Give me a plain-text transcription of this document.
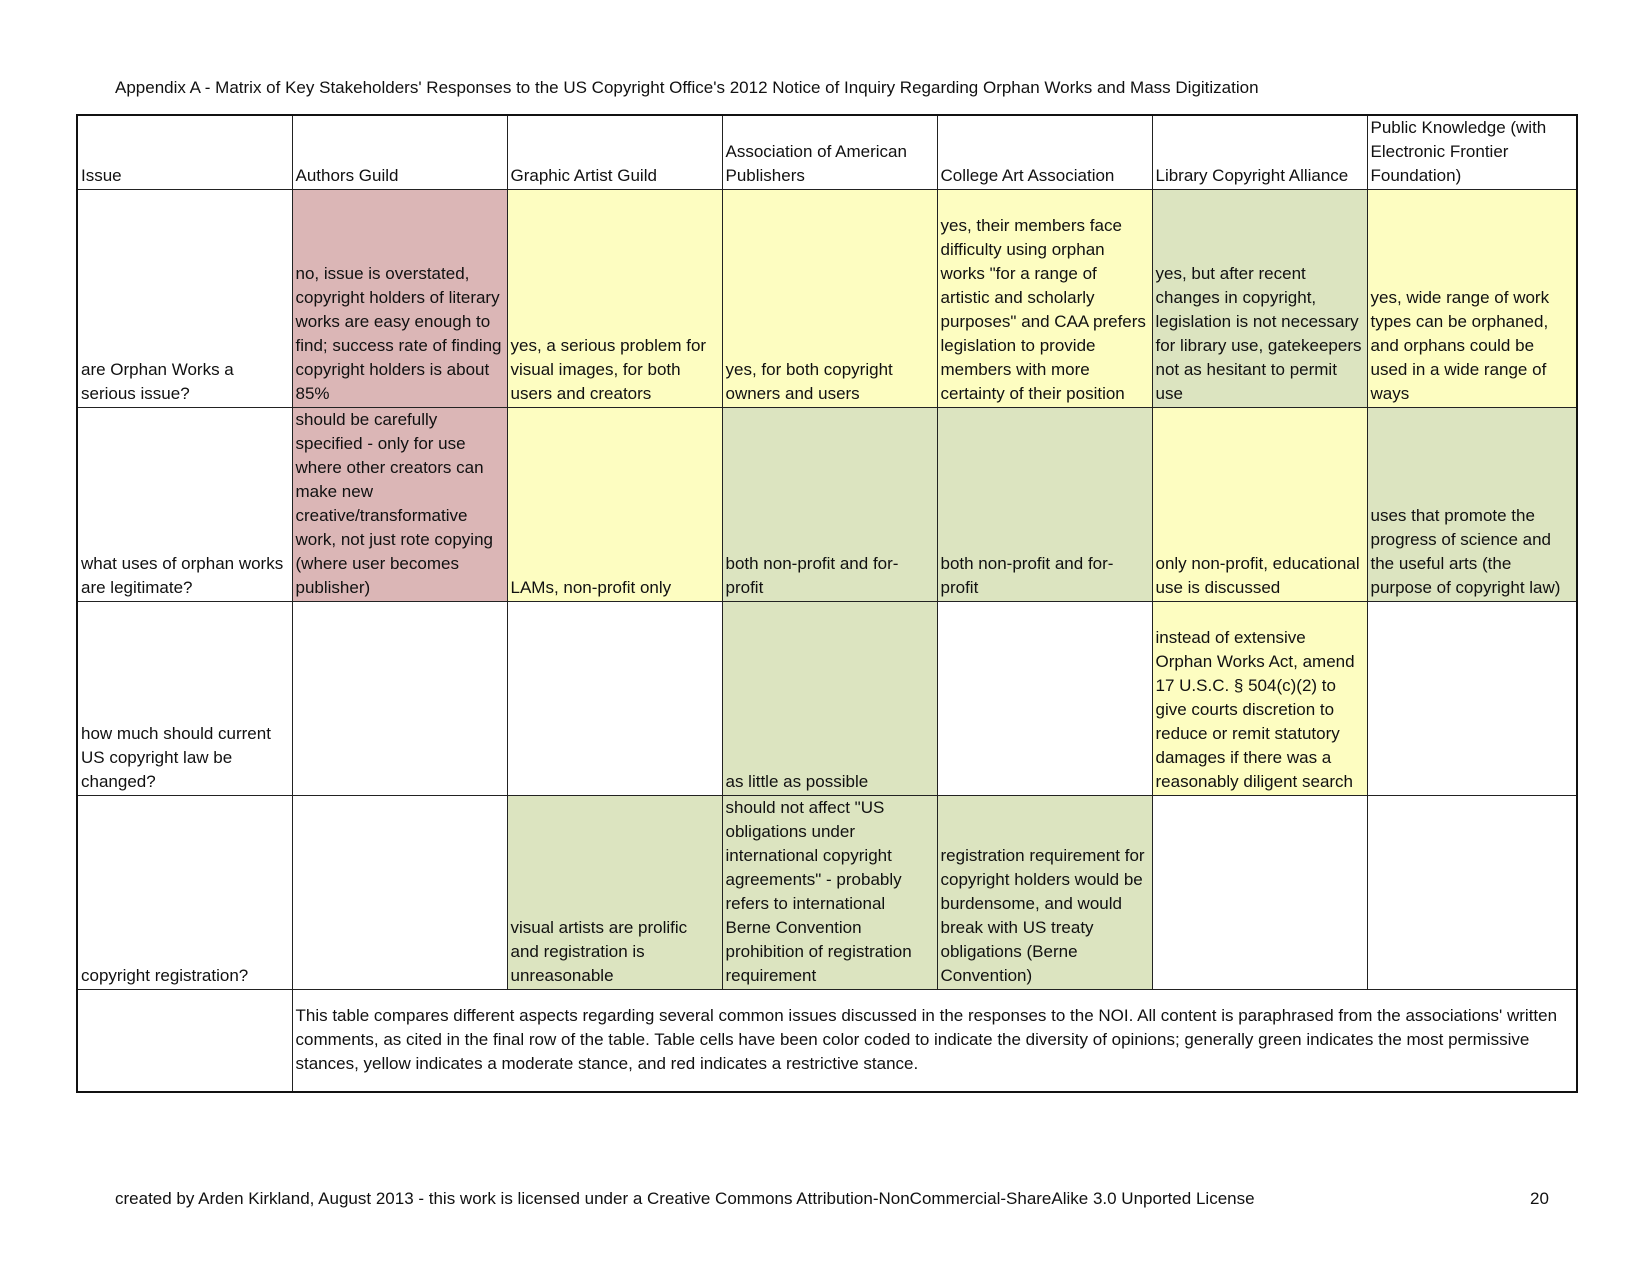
Appendix A - Matrix of Key Stakeholders' Responses to the US Copyright Office's 2012 Notice of Inquiry Regarding Orphan Works and Mass Digitization
Issue	Authors Guild	Graphic Artist Guild	Association of American Publishers	College Art Association	Library Copyright Alliance	Public Knowledge (with Electronic Frontier Foundation)
are Orphan Works a serious issue?	no, issue is overstated, copyright holders of literary works are easy enough to find; success rate of finding copyright holders is about 85%	yes, a serious problem for visual images, for both users and creators	yes, for both copyright owners and users	yes, their members face difficulty using orphan works "for a range of artistic and scholarly purposes" and CAA prefers legislation to provide members with more certainty of their position	yes, but after recent changes in copyright, legislation is not necessary for library use, gatekeepers not as hesitant to permit use	yes, wide range of work types can be orphaned, and orphans could be used in a wide range of ways
what uses of orphan works are legitimate?	should be carefully specified - only for use where other creators can make new creative/transformative work, not just rote copying (where user becomes publisher)	LAMs, non-profit only	both non-profit and for-profit	both non-profit and for-profit	only non-profit, educational use is discussed	uses that promote the progress of science and the useful arts (the purpose of copyright law)
how much should current US copyright law be changed?			as little as possible		instead of extensive Orphan Works Act, amend 17 U.S.C. § 504(c)(2) to give courts discretion to reduce or remit statutory damages if there was a reasonably diligent search	
copyright registration?		visual artists are prolific and registration is unreasonable	should not affect "US obligations under international copyright agreements" - probably refers to international Berne Convention prohibition of registration requirement	registration requirement for copyright holders would be burdensome, and would break with US treaty obligations (Berne Convention)		
	This table compares different aspects regarding several common issues discussed in the responses to the NOI. All content is paraphrased from the associations' written comments, as cited in the final row of the table. Table cells have been color coded to indicate the diversity of opinions; generally green indicates the most permissive stances, yellow indicates a moderate stance, and red indicates a restrictive stance.					
created by Arden Kirkland, August 2013 - this work is licensed under a Creative Commons Attribution-NonCommercial-ShareAlike 3.0 Unported License	20
